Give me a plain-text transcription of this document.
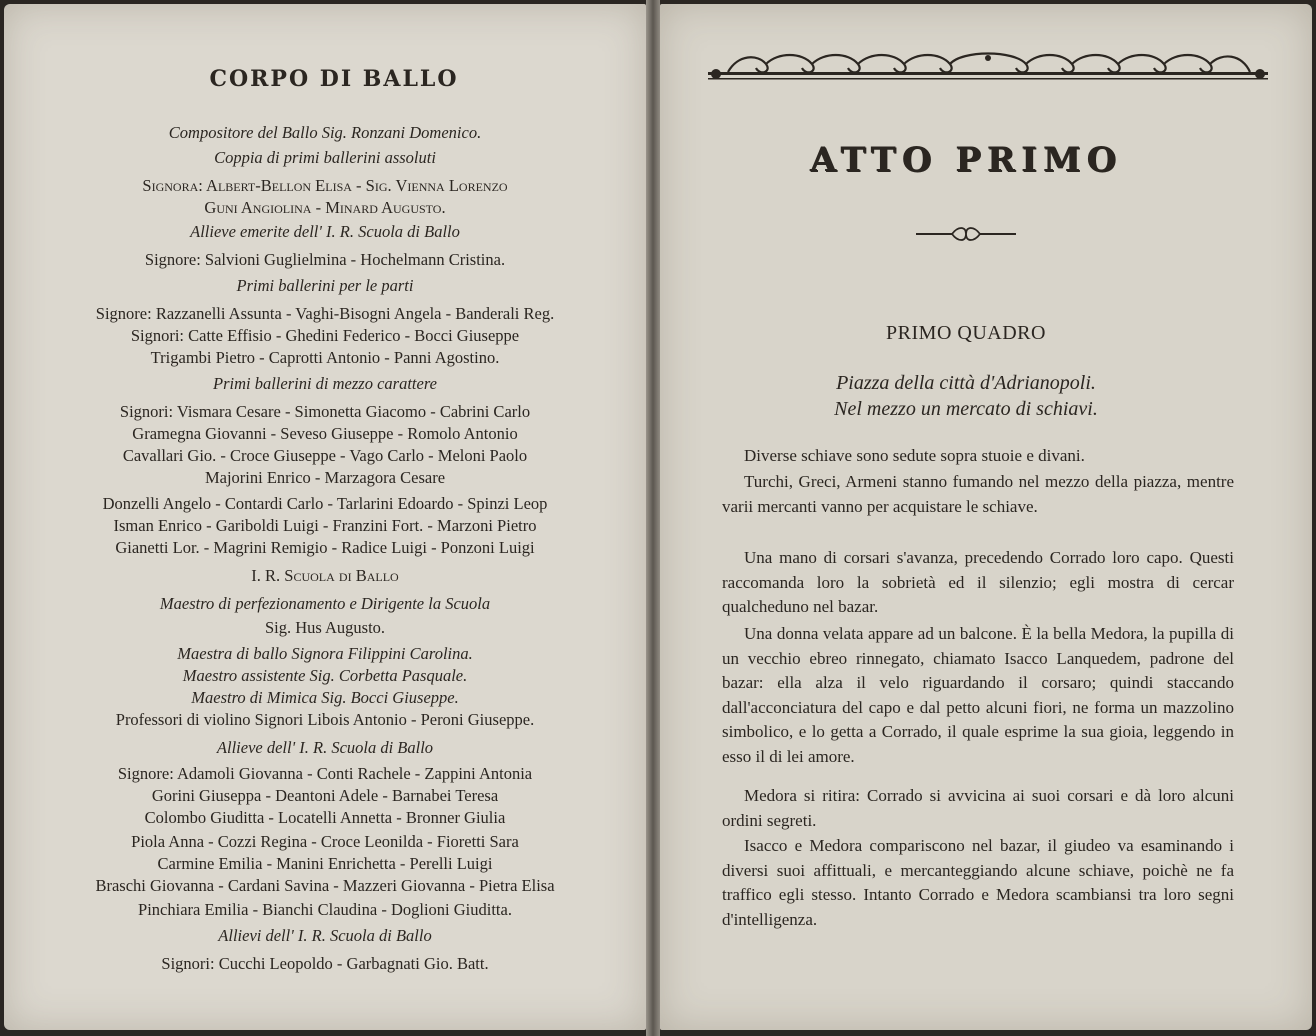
CORPO DI BALLO
Compositore del Ballo Sig. Ronzani Domenico.
Coppia di primi ballerini assoluti
Signora: Albert-Bellon Elisa - Sig. Vienna Lorenzo
Guni Angiolina - Minard Augusto.
Allieve emerite dell' I. R. Scuola di Ballo
Signore: Salvioni Guglielmina - Hochelmann Cristina.
Primi ballerini per le parti
Signore: Razzanelli Assunta - Vaghi-Bisogni Angela - Banderali Reg.
Signori: Catte Effisio - Ghedini Federico - Bocci Giuseppe
Trigambi Pietro - Caprotti Antonio - Panni Agostino.
Primi ballerini di mezzo carattere
Signori: Vismara Cesare - Simonetta Giacomo - Cabrini Carlo
Gramegna Giovanni - Seveso Giuseppe - Romolo Antonio
Cavallari Gio. - Croce Giuseppe - Vago Carlo - Meloni Paolo
Majorini Enrico - Marzagora Cesare
Donzelli Angelo - Contardi Carlo - Tarlarini Edoardo - Spinzi Leop
Isman Enrico - Gariboldi Luigi - Franzini Fort. - Marzoni Pietro
Gianetti Lor. - Magrini Remigio - Radice Luigi - Ponzoni Luigi
I. R. Scuola di Ballo
Maestro di perfezionamento e Dirigente la Scuola
Sig. Hus Augusto.
Maestra di ballo Signora Filippini Carolina.
Maestro assistente Sig. Corbetta Pasquale.
Maestro di Mimica Sig. Bocci Giuseppe.
Professori di violino Signori Libois Antonio - Peroni Giuseppe.
Allieve dell' I. R. Scuola di Ballo
Signore: Adamoli Giovanna - Conti Rachele - Zappini Antonia
Gorini Giuseppa - Deantoni Adele - Barnabei Teresa
Colombo Giuditta - Locatelli Annetta - Bronner Giulia
Piola Anna - Cozzi Regina - Croce Leonilda - Fioretti Sara
Carmine Emilia - Manini Enrichetta - Perelli Luigi
Braschi Giovanna - Cardani Savina - Mazzeri Giovanna - Pietra Elisa
Pinchiara Emilia - Bianchi Claudina - Doglioni Giuditta.
Allievi dell' I. R. Scuola di Ballo
Signori: Cucchi Leopoldo - Garbagnati Gio. Batt.
ATTO PRIMO
PRIMO QUADRO
Piazza della città d'Adrianopoli.
Nel mezzo un mercato di schiavi.
Diverse schiave sono sedute sopra stuoie e divani.
Turchi, Greci, Armeni stanno fumando nel mezzo della piazza, mentre varii mercanti vanno per acquistare le schiave.
Una mano di corsari s'avanza, precedendo Corrado loro capo. Questi raccomanda loro la sobrietà ed il silenzio; egli mostra di cercar qualcheduno nel bazar.
Una donna velata appare ad un balcone. È la bella Medora, la pupilla di un vecchio ebreo rinnegato, chiamato Isacco Lanquedem, padrone del bazar: ella alza il velo riguardando il corsaro; quindi staccando dall'acconciatura del capo e dal petto alcuni fiori, ne forma un mazzolino simbolico, e lo getta a Corrado, il quale esprime la sua gioia, leggendo in esso il di lei amore.
Medora si ritira: Corrado si avvicina ai suoi corsari e dà loro alcuni ordini segreti.
Isacco e Medora compariscono nel bazar, il giudeo va esaminando i diversi suoi affittuali, e mercanteggiando alcune schiave, poichè ne fa traffico egli stesso. Intanto Corrado e Medora scambiansi tra loro segni d'intelligenza.
